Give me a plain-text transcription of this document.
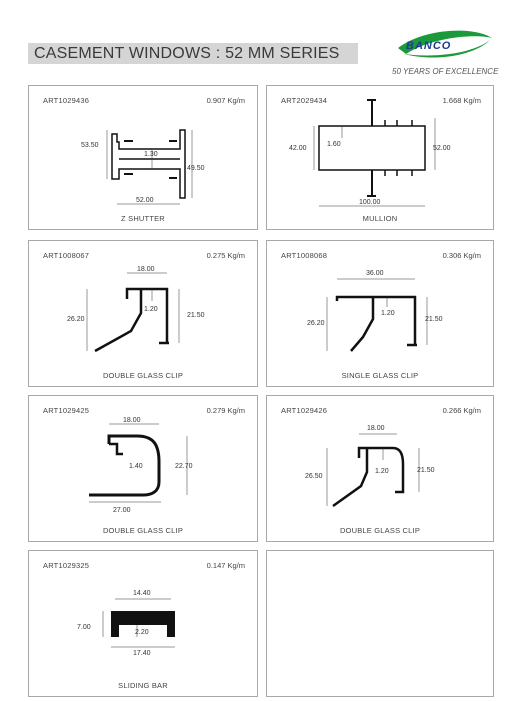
CASEMENT WINDOWS : 52 MM SERIES	BANCO
50 YEARS OF EXCELLENCE
ART1029436	0.907 Kg/m
53.50
1.30
49.50
52.00
Z SHUTTER
ART2029434	1.668 Kg/m
42.00
1.60
52.00
100.00
MULLION
ART1008067	0.275 Kg/m
18.00
1.20
26.20
21.50
DOUBLE GLASS CLIP
ART1008068	0.306 Kg/m
36.00
1.20
26.20
21.50
SINGLE GLASS CLIP
ART1029425	0.279 Kg/m
18.00
1.40	22.70
27.00
DOUBLE GLASS CLIP
ART1029426	0.266 Kg/m
18.00
1.20
26.50
21.50
DOUBLE GLASS CLIP
ART1029325	0.147 Kg/m
14.40
7.00
2.20
17.40
SLIDING BAR
